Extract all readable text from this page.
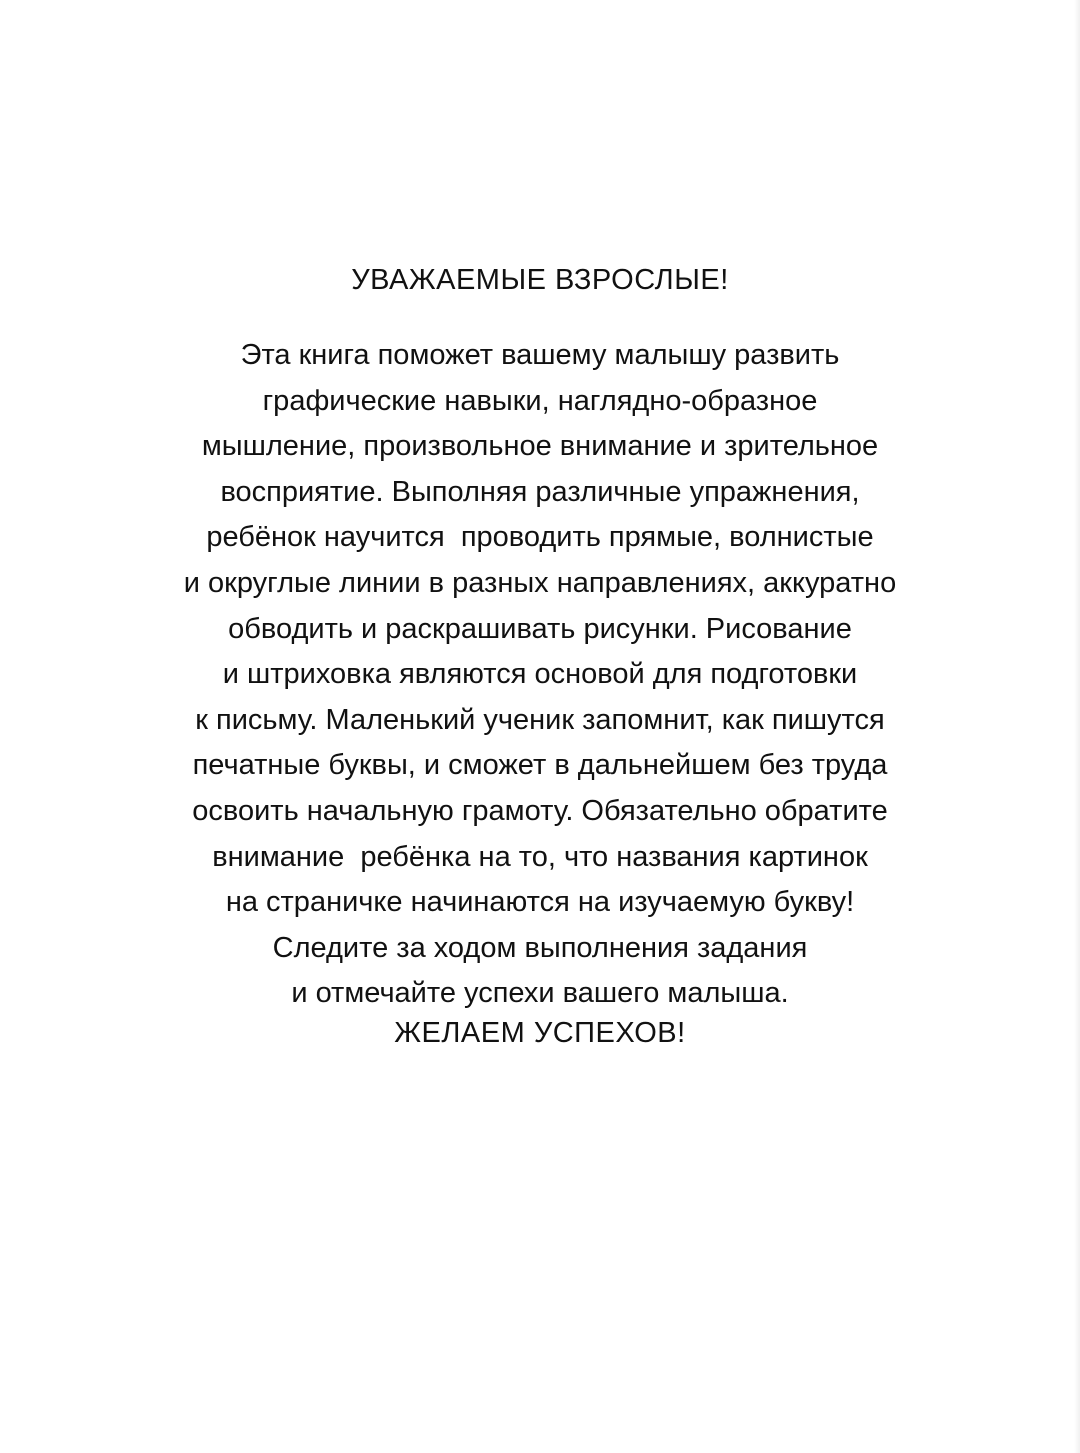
УВАЖАЕМЫЕ ВЗРОСЛЫЕ!
Эта книга поможет вашему малышу развить
графические навыки, наглядно-образное
мышление, произвольное внимание и зрительное
восприятие. Выполняя различные упражнения,
ребёнок научится  проводить прямые, волнистые
и округлые линии в разных направлениях, аккуратно
обводить и раскрашивать рисунки. Рисование
и штриховка являются основой для подготовки
к письму. Маленький ученик запомнит, как пишутся
печатные буквы, и сможет в дальнейшем без труда
освоить начальную грамоту. Обязательно обратите
внимание  ребёнка на то, что названия картинок
на страничке начинаются на изучаемую букву!
Следите за ходом выполнения задания
и отмечайте успехи вашего малыша.
ЖЕЛАЕМ УСПЕХОВ!
